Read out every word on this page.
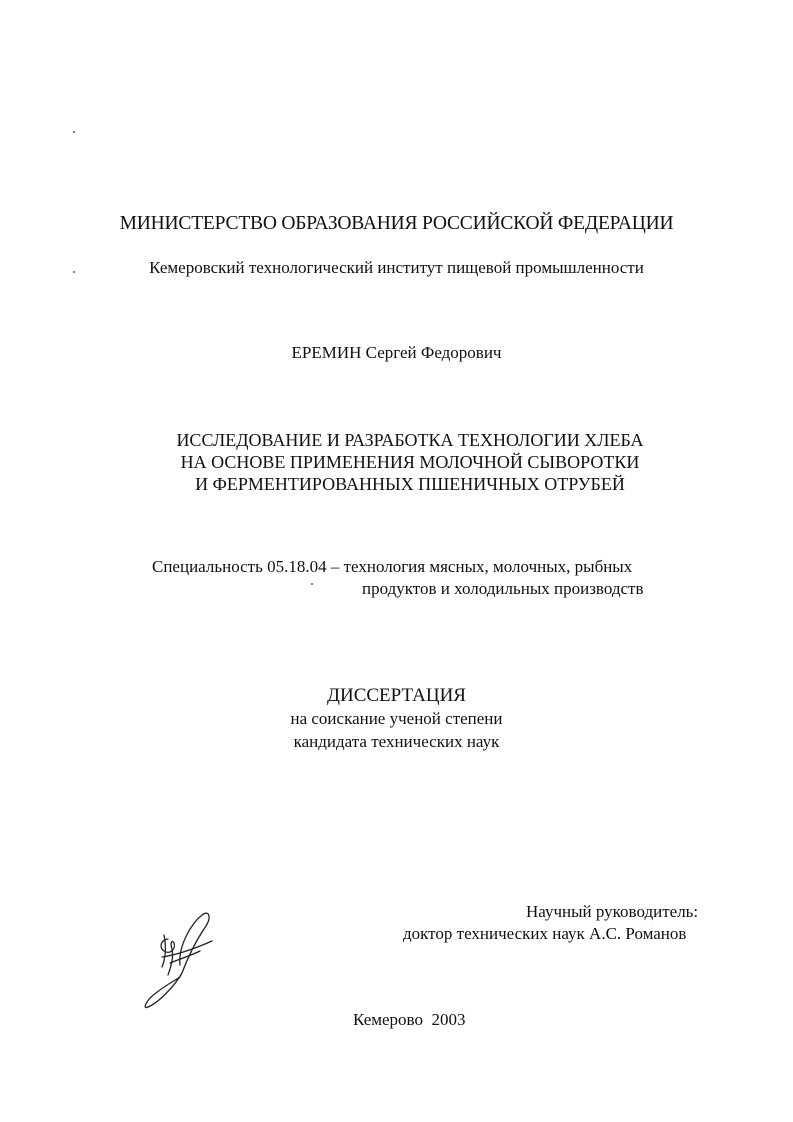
МИНИСТЕРСТВО ОБРАЗОВАНИЯ РОССИЙСКОЙ ФЕДЕРАЦИИ
Кемеровский технологический институт пищевой промышленности
ЕРЕМИН Сергей Федорович
ИССЛЕДОВАНИЕ И РАЗРАБОТКА ТЕХНОЛОГИИ ХЛЕБА
НА ОСНОВЕ ПРИМЕНЕНИЯ МОЛОЧНОЙ СЫВОРОТКИ
И ФЕРМЕНТИРОВАННЫХ ПШЕНИЧНЫХ ОТРУБЕЙ
Специальность 05.18.04 – технология мясных, молочных, рыбных
продуктов и холодильных производств
ДИССЕРТАЦИЯ
на соискание ученой степени
кандидата технических наук
Научный руководитель:
доктор технических наук А.С. Романов
Кемерово  2003
